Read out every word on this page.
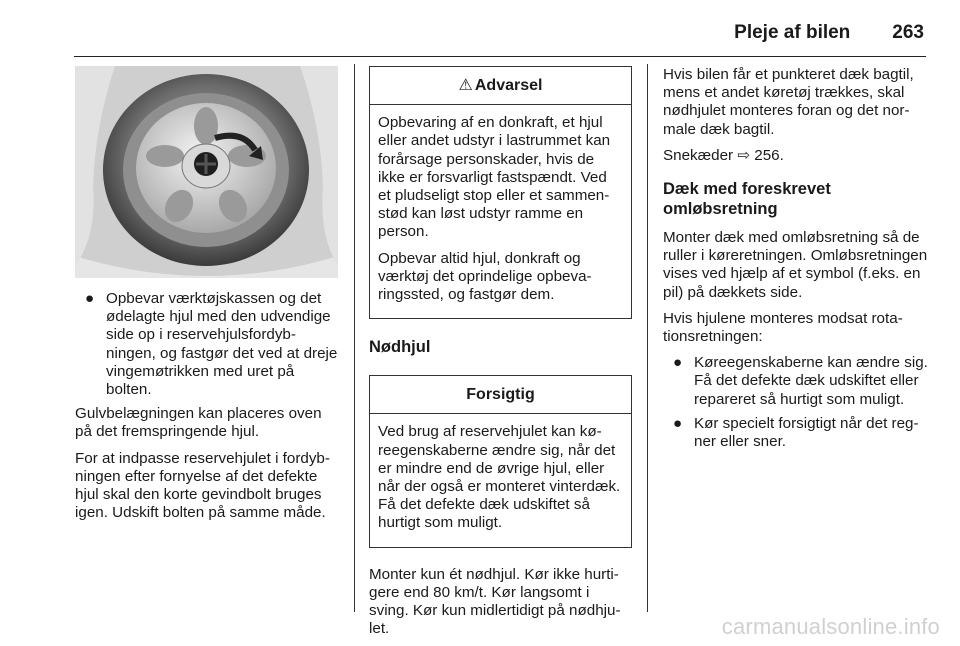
Pleje af bilen 263
● Opbevar værktøjskassen og det ødelagte hjul med den udvendige side op i reservehjulsfordybningen, og fastgør det ved at dreje vingemøtrikken med uret på bolten.

Gulvbelægningen kan placeres oven på det fremspringende hjul.

For at indpasse reservehjulet i fordybningen efter fornyelse af det defekte hjul skal den korte gevindbolt bruges igen. Udskift bolten på samme måde.

⚠ Advarsel

Opbevaring af en donkraft, et hjul eller andet udstyr i lastrummet kan forårsage personskader, hvis de ikke er forsvarligt fastspændt. Ved et pludseligt stop eller et sammenstød kan løst udstyr ramme en person.

Opbevar altid hjul, donkraft og værktøj det oprindelige opbevaringssted, og fastgør dem.

Nødhjul
Forsigtig

Ved brug af reservehjulet kan køreegenskaberne ændre sig, når det er mindre end de øvrige hjul, eller når der også er monteret vinterdæk. Få det defekte dæk udskiftet så hurtigt som muligt.

Monter kun ét nødhjul. Kør ikke hurtigere end 80 km/t. Kør langsomt i sving. Kør kun midlertidigt på nødhjulet.

Hvis bilen får et punkteret dæk bagtil, mens et andet køretøj trækkes, skal nødhjulet monteres foran og det normale dæk bagtil.

Snekæder ⇨ 256.

Dæk med foreskrevet omløbsretning

Monter dæk med omløbsretning så de ruller i køreretningen. Omløbsretningen vises ved hjælp af et symbol (f.eks. en pil) på dækkets side.

Hvis hjulene monteres modsat rotationsretningen:

● Køreegenskaberne kan ændre sig. Få det defekte dæk udskiftet eller repareret så hurtigt som muligt.
● Kør specielt forsigtigt når det regner eller sner.
carmanualsonline.info
